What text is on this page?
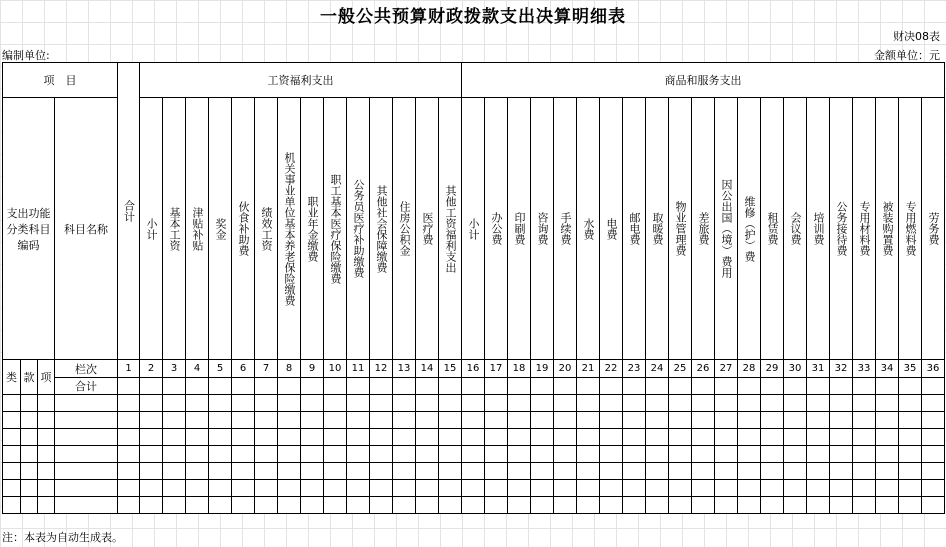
一般公共预算财政拨款支出决算明细表
财决08表
编制单位:	金额单位：元
项　目				合计	工资福利支出														商品和服务支出																				
支出功能分类科目编码			科目名称		小计	基本工资	津贴补贴	奖金	伙食补助费	绩效工资	机关事业单位基本养老保险缴费	职业年金缴费	职工基本医疗保险缴费	公务员医疗补助缴费	其他社会保障缴费	住房公积金	医疗费	其他工资福利支出	小计	办公费	印刷费	咨询费	手续费	水费	电费	邮电费	取暖费	物业管理费	差旅费	因公出国（境）费用	维修（护）费	租赁费	会议费	培训费	公务接待费	专用材料费	被装购置费	专用燃料费	劳务费

类	款	项	栏次	1	2	3	4	5	6	7	8	9	10	11	12	13	14	15	16	17	18	19	20	21	22	23	24	25	26	27	28	29	30	31	32	33	34	35	36
			合计																																				

注：本表为自动生成表。
